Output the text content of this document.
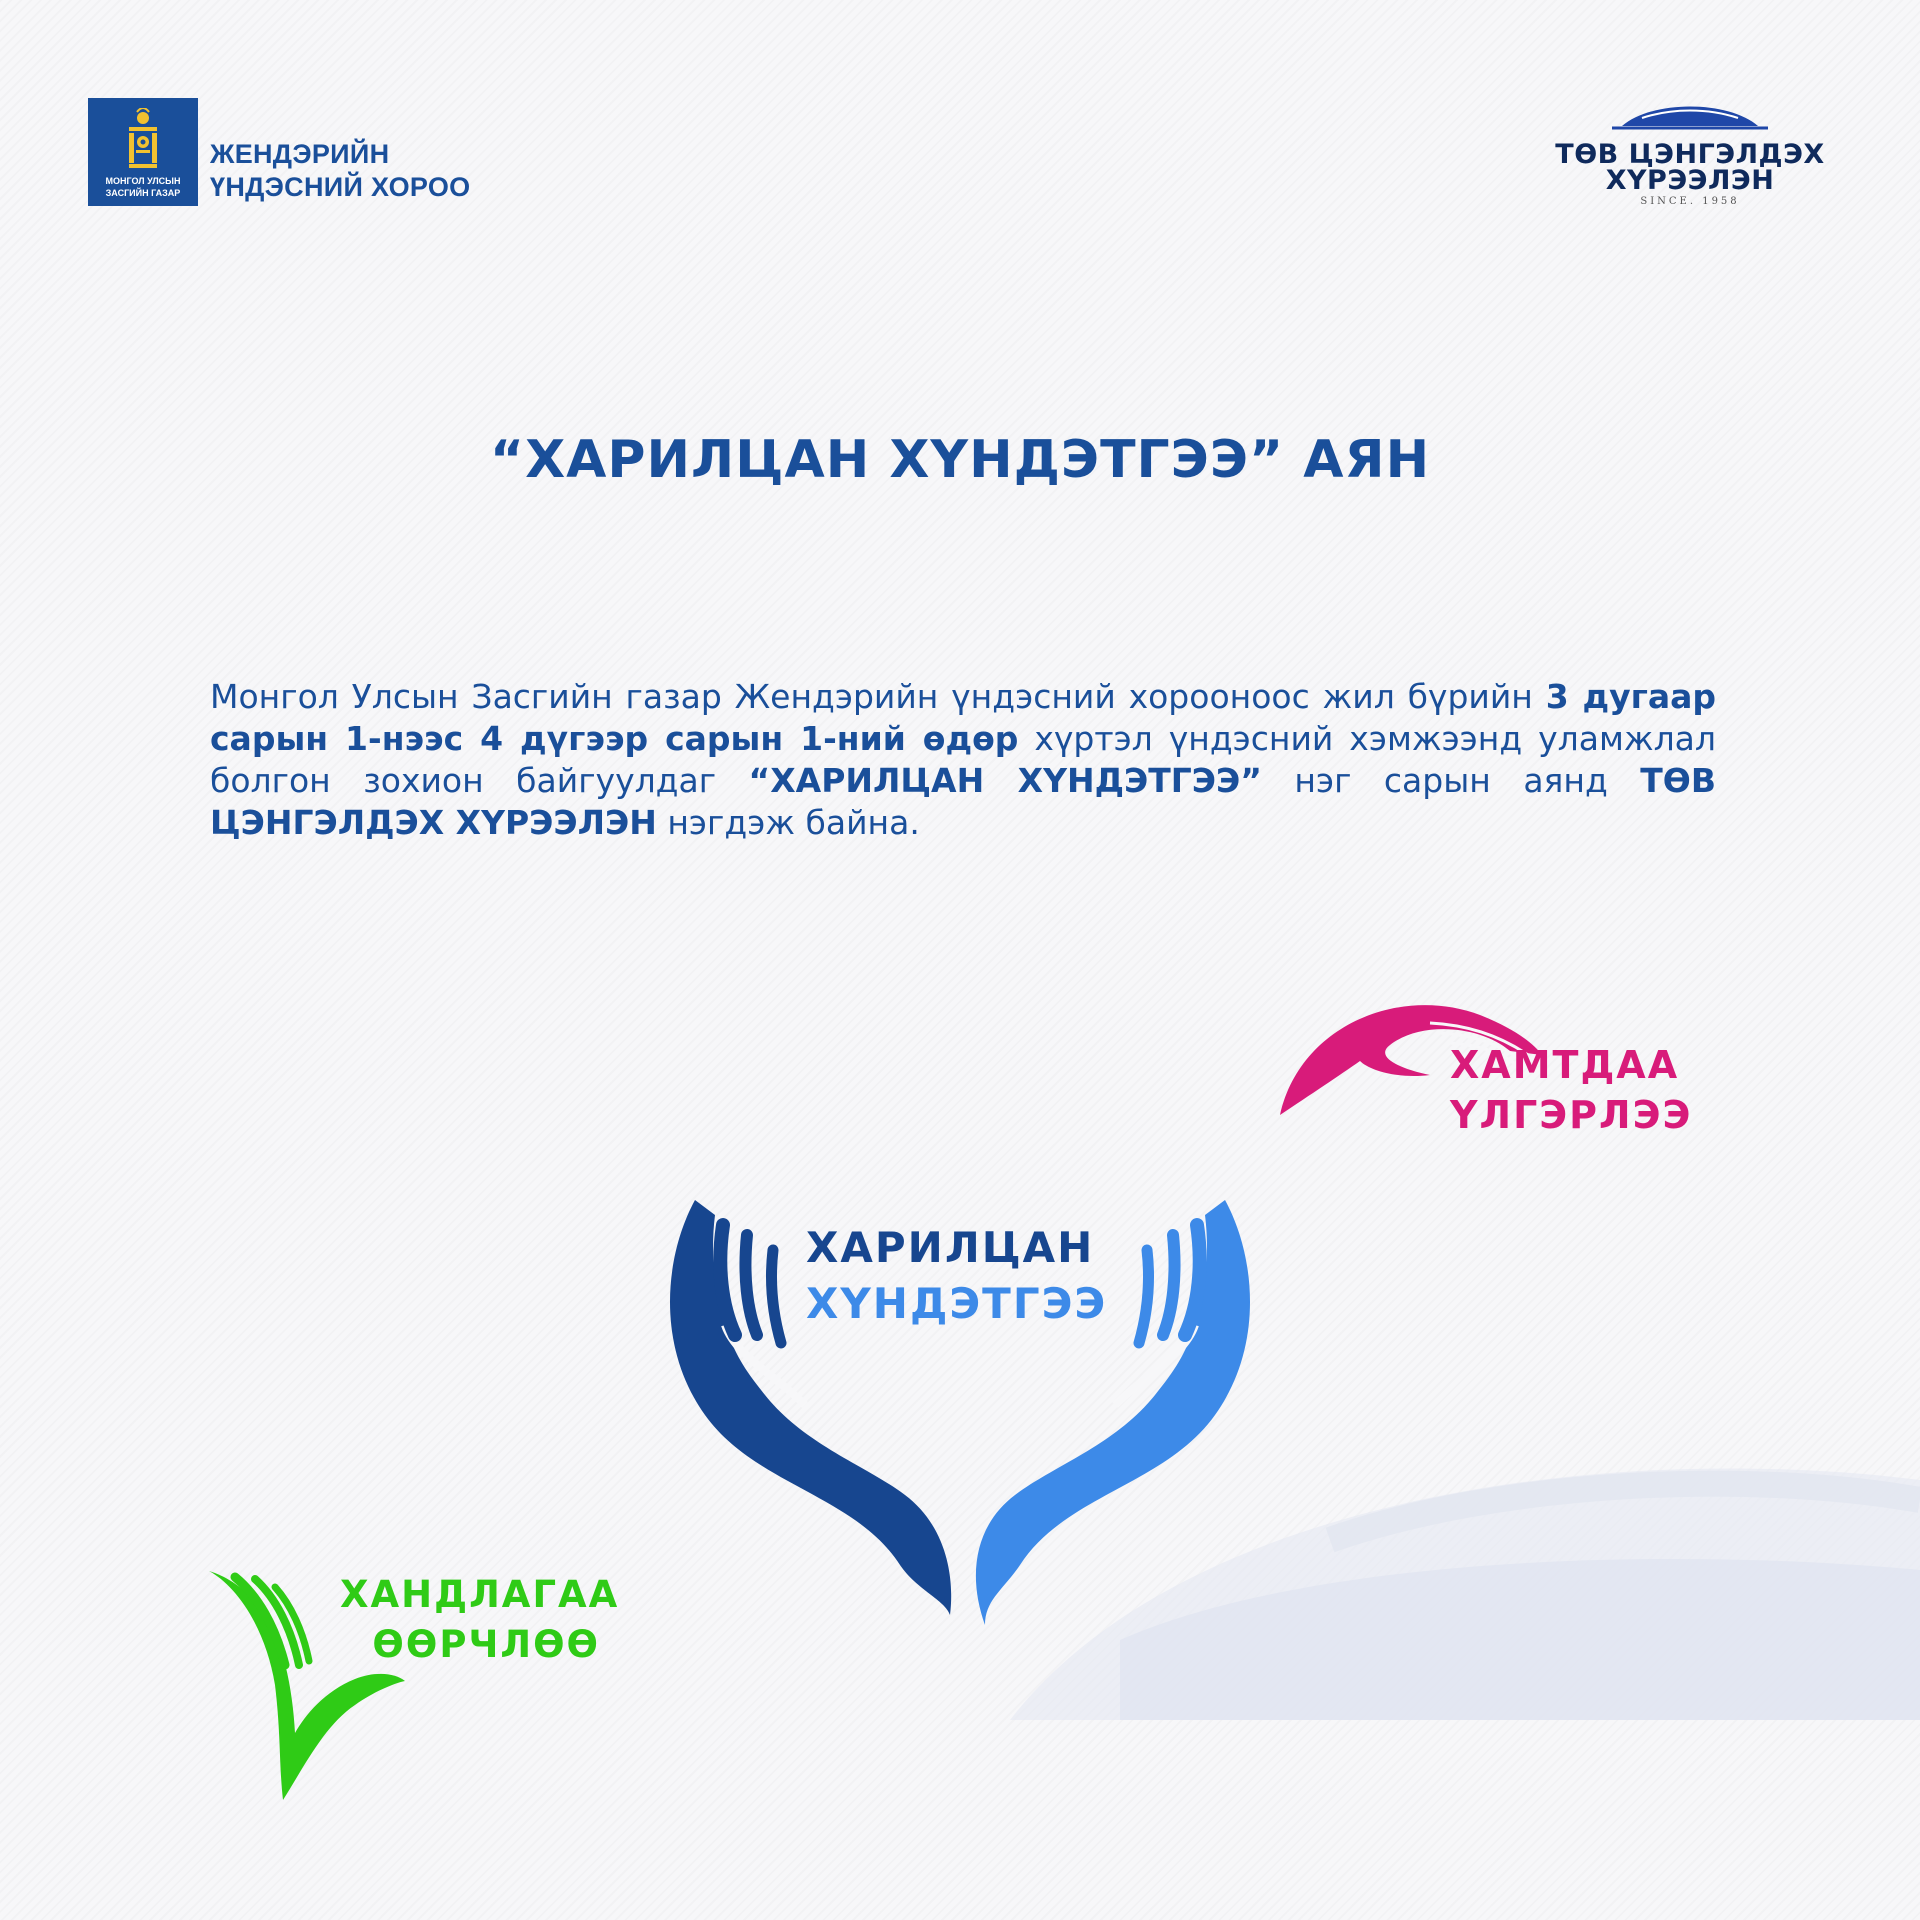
МОНГОЛ УЛСЫН
ЗАСГИЙН ГАЗАР
ЖЕНДЭРИЙН
ҮНДЭСНИЙ ХОРОО
ТӨВ ЦЭНГЭЛДЭХ
ХҮРЭЭЛЭН
SINCE. 1958
“ХАРИЛЦАН ХҮНДЭТГЭЭ” АЯН
Монгол Улсын Засгийн газар Жендэрийн үндэсний хорооноос жил бүрийн 3 дугаар сарын 1-нээс 4 дүгээр сарын 1-ний өдөр хүртэл үндэсний хэмжээнд уламжлал болгон зохион байгуулдаг “ХАРИЛЦАН ХҮНДЭТГЭЭ” нэг сарын аянд ТӨВ ЦЭНГЭЛДЭХ ХҮРЭЭЛЭН нэгдэж байна.
ХАМТДАА
ҮЛГЭРЛЭЭ
ХАРИЛЦАН
ХҮНДЭТГЭЭ
ХАНДЛАГАА
ӨӨРЧЛӨӨ
